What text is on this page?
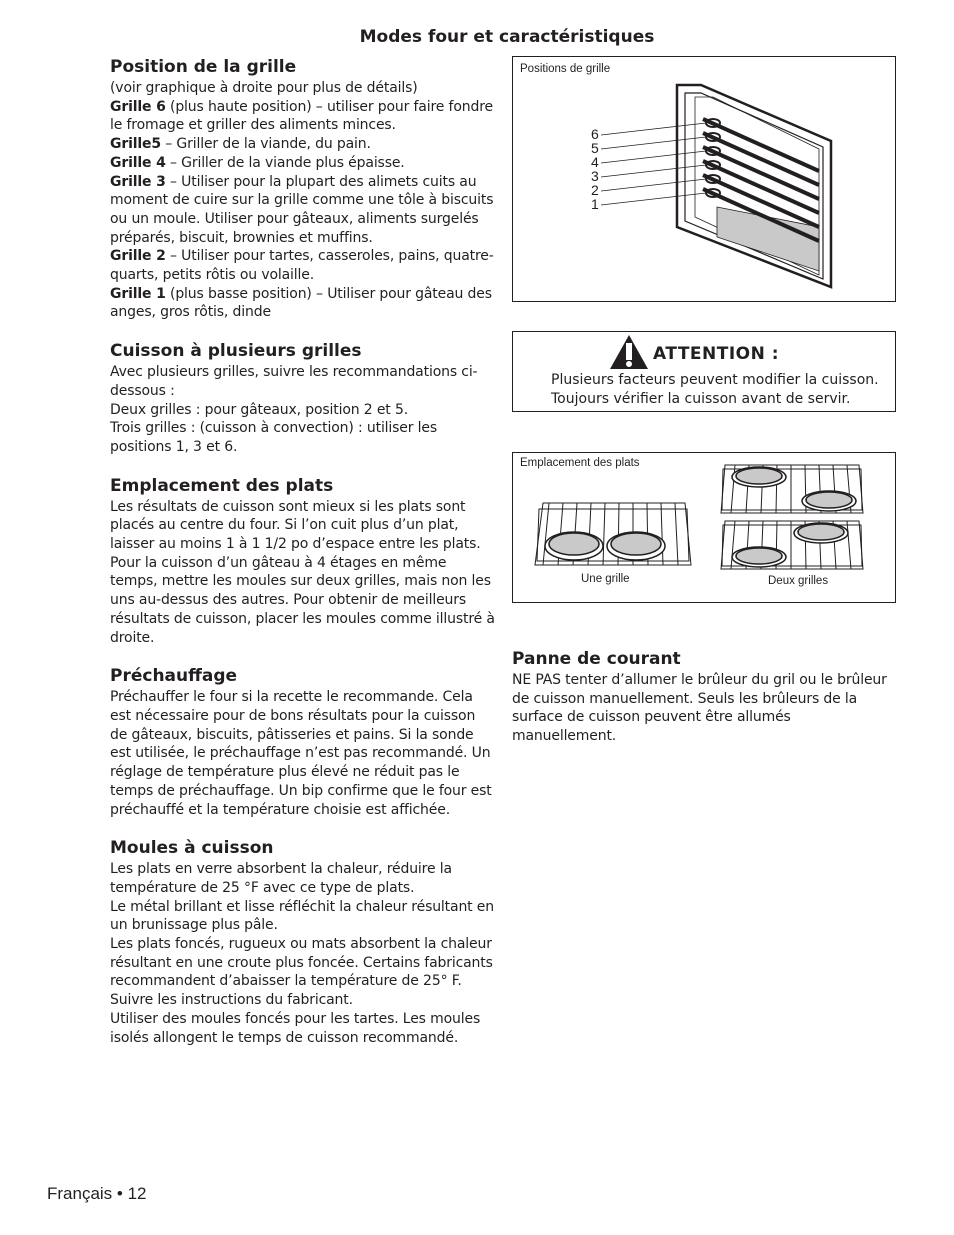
Modes four et caractéristiques
Position de la grille

(voir graphique à droite pour plus de détails)

Grille 6 (plus haute position) – utiliser pour faire fondre le fromage et griller des aliments minces.

Grille5 – Griller de la viande, du pain.

Grille 4 – Griller de la viande plus épaisse.

Grille 3 – Utiliser pour la plupart des alimets cuits au moment de cuire sur la grille comme une tôle à biscuits ou un moule. Utiliser pour gâteaux, aliments surgelés préparés, biscuit, brownies et muffins.

Grille 2 – Utiliser pour tartes, casseroles, pains, quatre-quarts, petits rôtis ou volaille.

Grille 1 (plus basse position) – Utiliser pour gâteau des anges, gros rôtis, dinde

Cuisson à plusieurs grilles

Avec plusieurs grilles, suivre les recommandations ci-dessous :

Deux grilles : pour gâteaux, position 2 et 5.

Trois grilles : (cuisson à convection) : utiliser les positions 1, 3 et 6.

Emplacement des plats

Les résultats de cuisson sont mieux si les plats sont placés au centre du four. Si l’on cuit plus d’un plat, laisser au moins 1 à 1 1/2 po d’espace entre les plats. Pour la cuisson d’un gâteau à 4 étages en même temps, mettre les moules sur deux grilles, mais non les uns au-dessus des autres. Pour obtenir de meilleurs résultats de cuisson, placer les moules comme illustré à droite.

Préchauffage

Préchauffer le four si la recette le recommande. Cela est nécessaire pour de bons résultats pour la cuisson de gâteaux, biscuits, pâtisseries et pains. Si la sonde est utilisée, le préchauffage n’est pas recommandé. Un réglage de température plus élevé ne réduit pas le temps de préchauffage. Un bip confirme que le four est préchauffé et la température choisie est affichée.

Moules à cuisson

Les plats en verre absorbent la chaleur, réduire la température de 25 °F avec ce type de plats.

Le métal brillant et lisse réfléchit la chaleur résultant en un brunissage plus pâle.

Les plats foncés, rugueux ou mats absorbent la chaleur résultant en une croute plus foncée. Certains fabricants recommandent d’abaisser la température de 25° F. Suivre les instructions du fabricant.

Utiliser des moules foncés pour les tartes. Les moules isolés allongent le temps de cuisson recommandé.

Positions de grille
6
5
4
3
2
1
ATTENTION :
Plusieurs facteurs peuvent modifier la cuisson.
Toujours vérifier la cuisson avant de servir.
Emplacement des plats
Une grille	Deux grilles
Panne de courant

NE PAS tenter d’allumer le brûleur du gril ou le brûleur de cuisson manuellement. Seuls les brûleurs de la surface de cuisson peuvent être allumés manuellement.

Français • 12
